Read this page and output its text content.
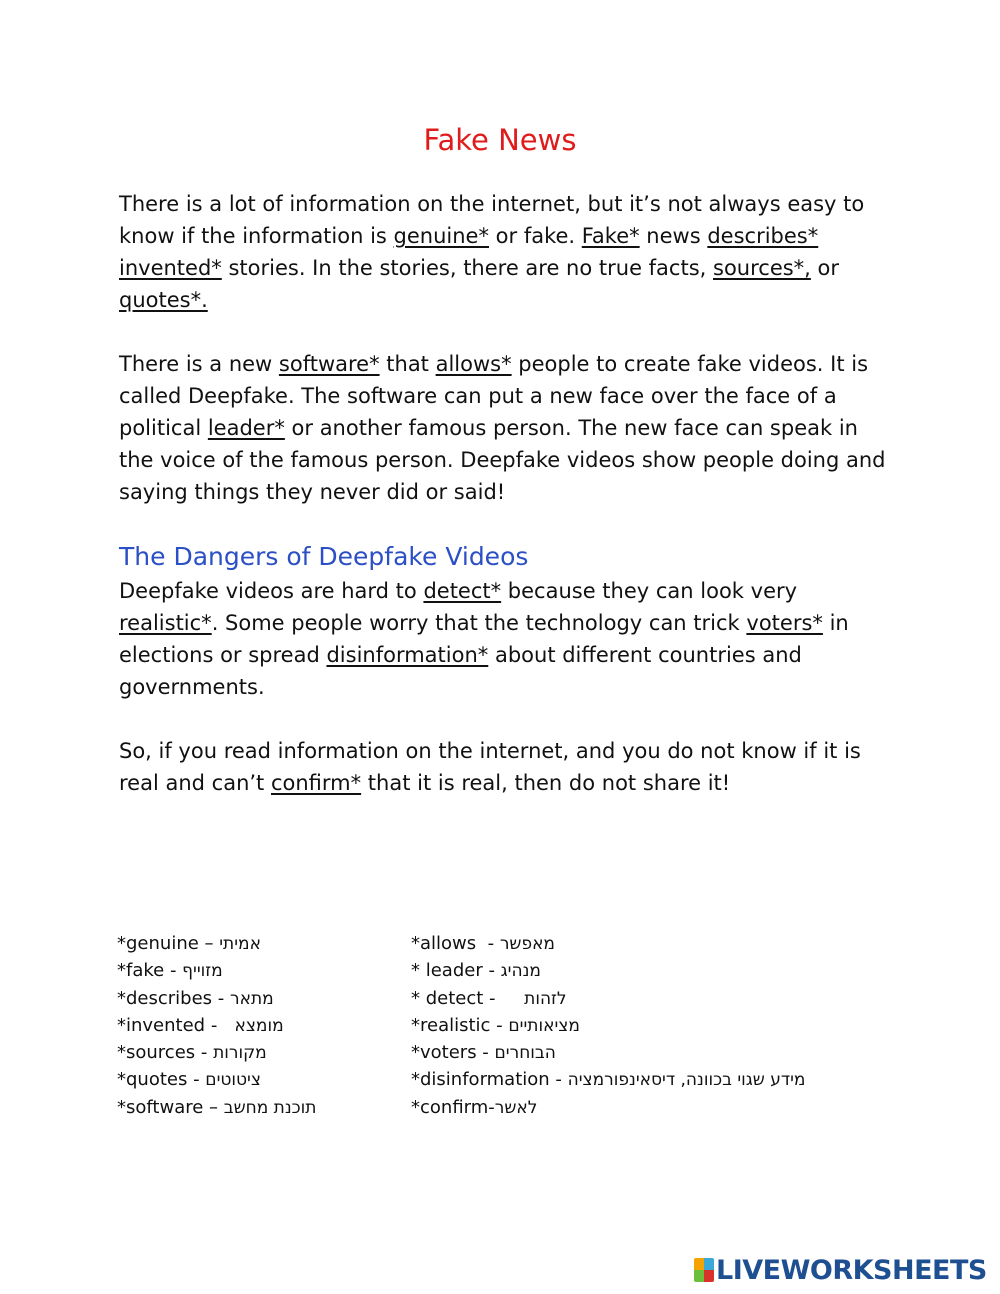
Fake News

There is a lot of information on the internet, but it’s not always easy to know if the information is genuine* or fake. Fake* news describes* invented* stories. In the stories, there are no true facts, sources*, or quotes*.

There is a new software* that allows* people to create fake videos. It is called Deepfake. The software can put a new face over the face of a political leader* or another famous person. The new face can speak in the voice of the famous person. Deepfake videos show people doing and saying things they never did or said!

The Dangers of Deepfake Videos

Deepfake videos are hard to detect* because they can look very realistic*. Some people worry that the technology can trick voters* in elections or spread disinformation* about different countries and governments.

So, if you read information on the internet, and you do not know if it is real and can’t confirm* that it is real, then do not share it!

*genuine – אמיתי
*fake - מזוייף
*describes - מתאר
*invented -   מומצא
*sources - מקורות
*quotes - ציטוטים
*software – תוכנת מחשב
*allows  - מאפשר
* leader - מנהיג
* detect -     לזהות
*realistic - מציאותיים
*voters - הבוחרים
*disinformation - מידע שגוי בכוונה, דיסאינפורמציה
*confirm-לאשר
LIVEWORKSHEETS
